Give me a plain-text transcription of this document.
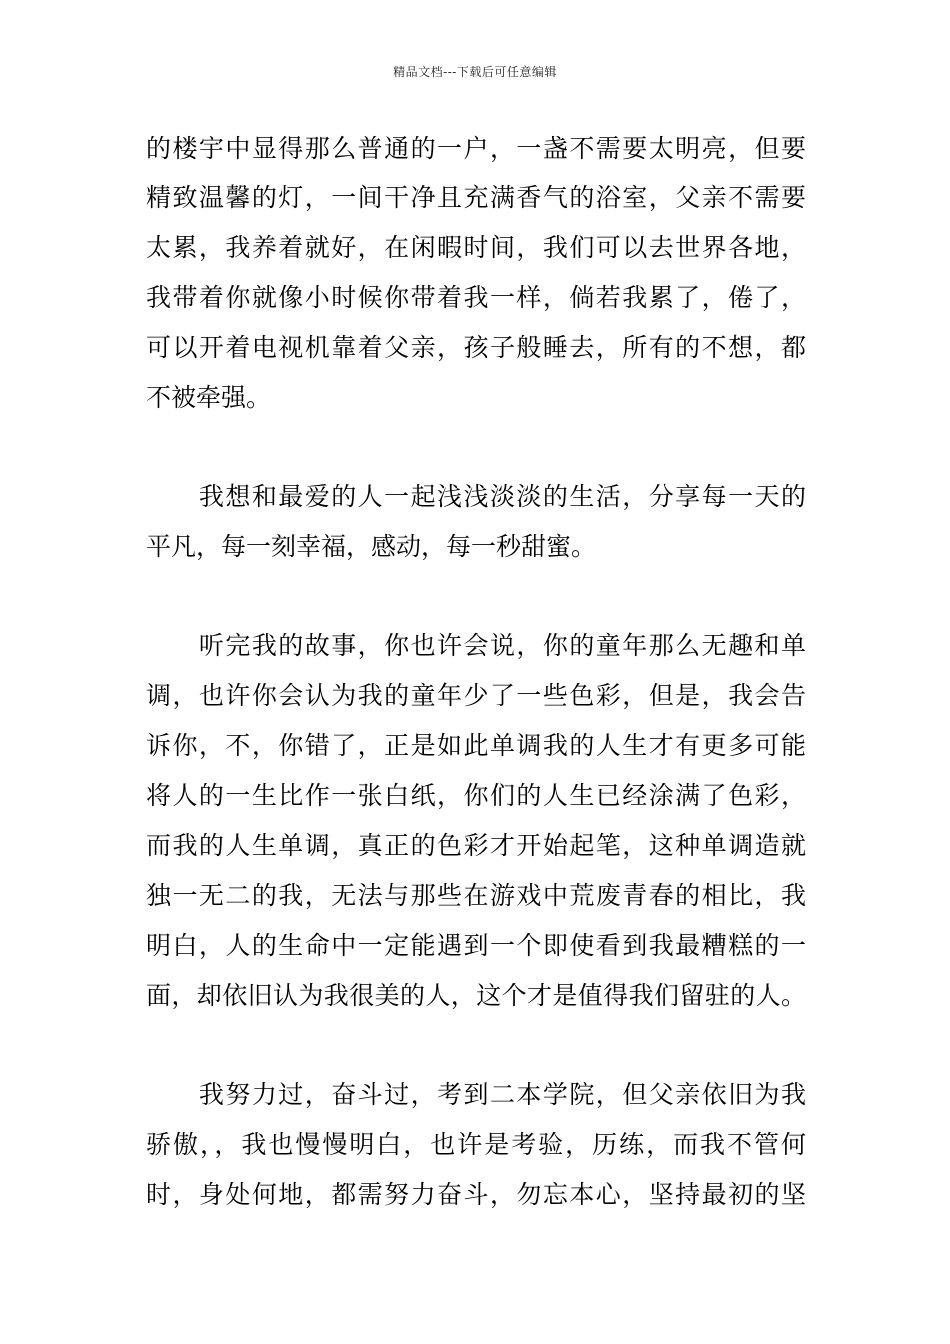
精品文档---下载后可任意编辑
的楼宇中显得那么普通的一户，一盏不需要太明亮，但要
精致温馨的灯，一间干净且充满香气的浴室，父亲不需要
太累，我养着就好，在闲暇时间，我们可以去世界各地，
我带着你就像小时候你带着我一样，倘若我累了，倦了，
可以开着电视机靠着父亲，孩子般睡去，所有的不想，都
不被牵强。
　　我想和最爱的人一起浅浅淡淡的生活，分享每一天的
平凡，每一刻幸福，感动，每一秒甜蜜。
　　听完我的故事，你也许会说，你的童年那么无趣和单
调，也许你会认为我的童年少了一些色彩，但是，我会告
诉你，不，你错了，正是如此单调我的人生才有更多可能
将人的一生比作一张白纸，你们的人生已经涂满了色彩，
而我的人生单调，真正的色彩才开始起笔，这种单调造就
独一无二的我，无法与那些在游戏中荒废青春的相比，我
明白，人的生命中一定能遇到一个即使看到我最糟糕的一
面，却依旧认为我很美的人，这个才是值得我们留驻的人。
　　我努力过，奋斗过，考到二本学院，但父亲依旧为我
骄傲，，我也慢慢明白，也许是考验，历练，而我不管何
时，身处何地，都需努力奋斗，勿忘本心，坚持最初的坚
